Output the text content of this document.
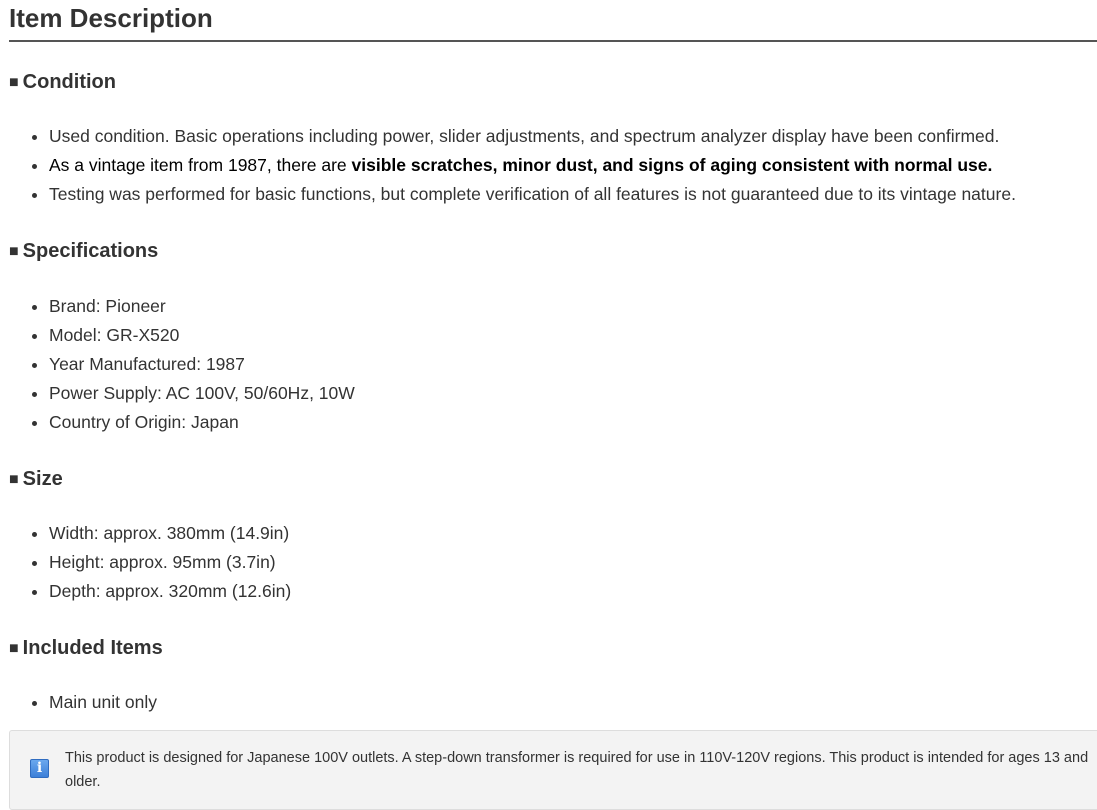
Item Description
■ Condition
• Used condition. Basic operations including power, slider adjustments, and spectrum analyzer display have been confirmed.
• As a vintage item from 1987, there are visible scratches, minor dust, and signs of aging consistent with normal use.
• Testing was performed for basic functions, but complete verification of all features is not guaranteed due to its vintage nature.
■ Specifications
• Brand: Pioneer
• Model: GR-X520
• Year Manufactured: 1987
• Power Supply: AC 100V, 50/60Hz, 10W
• Country of Origin: Japan
■ Size
• Width: approx. 380mm (14.9in)
• Height: approx. 95mm (3.7in)
• Depth: approx. 320mm (12.6in)
■ Included Items
• Main unit only
i
This product is designed for Japanese 100V outlets. A step-down transformer is required for use in 110V-120V regions. This product is intended for ages 13 and older.
